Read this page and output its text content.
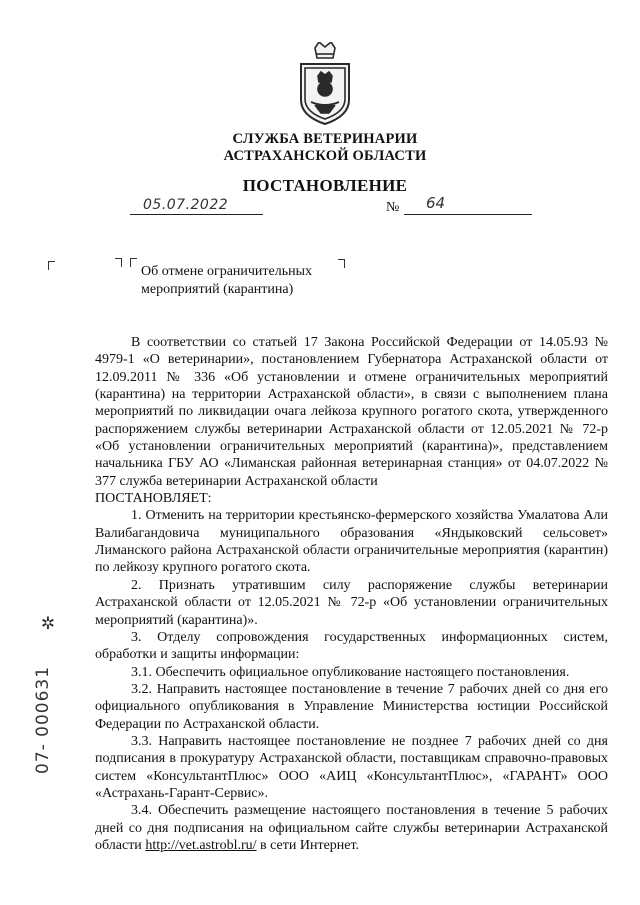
СЛУЖБА ВЕТЕРИНАРИИ
АСТРАХАНСКОЙ ОБЛАСТИ
ПОСТАНОВЛЕНИЕ
05.07.2022	№ 64
Об отмене ограничительных
мероприятий (карантина)

В соответствии со статьей 17 Закона Российской Федерации от 14.05.93 № 4979-1 «О ветеринарии», постановлением Губернатора Астраханской области от 12.09.2011 № 336 «Об установлении и отмене ограничительных мероприятий (карантина) на территории Астраханской области», в связи с выполнением плана мероприятий по ликвидации очага лейкоза крупного рогатого скота, утвержденного распоряжением службы ветеринарии Астраханской области от 12.05.2021 № 72-р «Об установлении ограничительных мероприятий (карантина)», представлением начальника ГБУ АО «Лиманская районная ветеринарная станция» от 04.07.2022 № 377 служба ветеринарии Астраханской области

ПОСТАНОВЛЯЕТ:

1. Отменить на территории крестьянско-фермерского хозяйства Умалатова Али Валибагандовича муниципального образования «Яндыковский сельсовет» Лиманского района Астраханской области ограничительные мероприятия (карантин) по лейкозу крупного рогатого скота.

2. Признать утратившим силу распоряжение службы ветеринарии Астраханской области от 12.05.2021 № 72-р «Об установлении ограничительных мероприятий (карантина)».

3. Отделу сопровождения государственных информационных систем, обработки и защиты информации:

3.1. Обеспечить официальное опубликование настоящего постановления.

3.2. Направить настоящее постановление в течение 7 рабочих дней со дня его официального опубликования в Управление Министерства юстиции Российской Федерации по Астраханской области.

3.3. Направить настоящее постановление не позднее 7 рабочих дней со дня подписания в прокуратуру Астраханской области, поставщикам справочно-правовых систем «КонсультантПлюс» ООО «АИЦ «КонсультантПлюс», «ГАРАНТ» ООО «Астрахань-Гарант-Сервис».

3.4. Обеспечить размещение настоящего постановления в течение 5 рабочих дней со дня подписания на официальном сайте службы ветеринарии Астраханской области http://vet.astrobl.ru/ в сети Интернет.

✲
07- 000631
